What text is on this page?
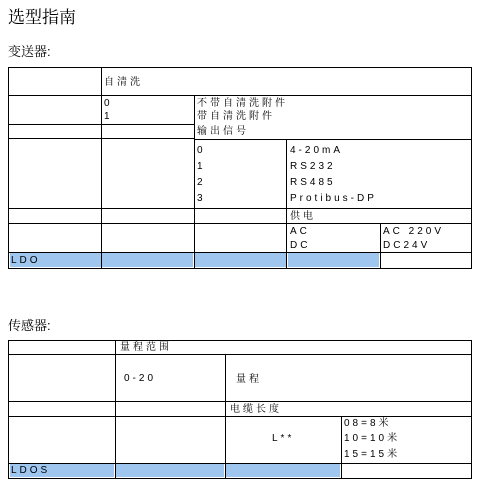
选型指南
变送器:
自清洗
0
1
不带自清洗附件
带自清洗附件
输出信号
0
1
2
3
4-20mA
RS232
RS485
Protibus-DP
供电
AC
DC
AC 220V
DC24V
LDO
传感器:
量程范围
0-20	量程
电缆长度
L**
08=8米
10=10米
15=15米
LDOS
